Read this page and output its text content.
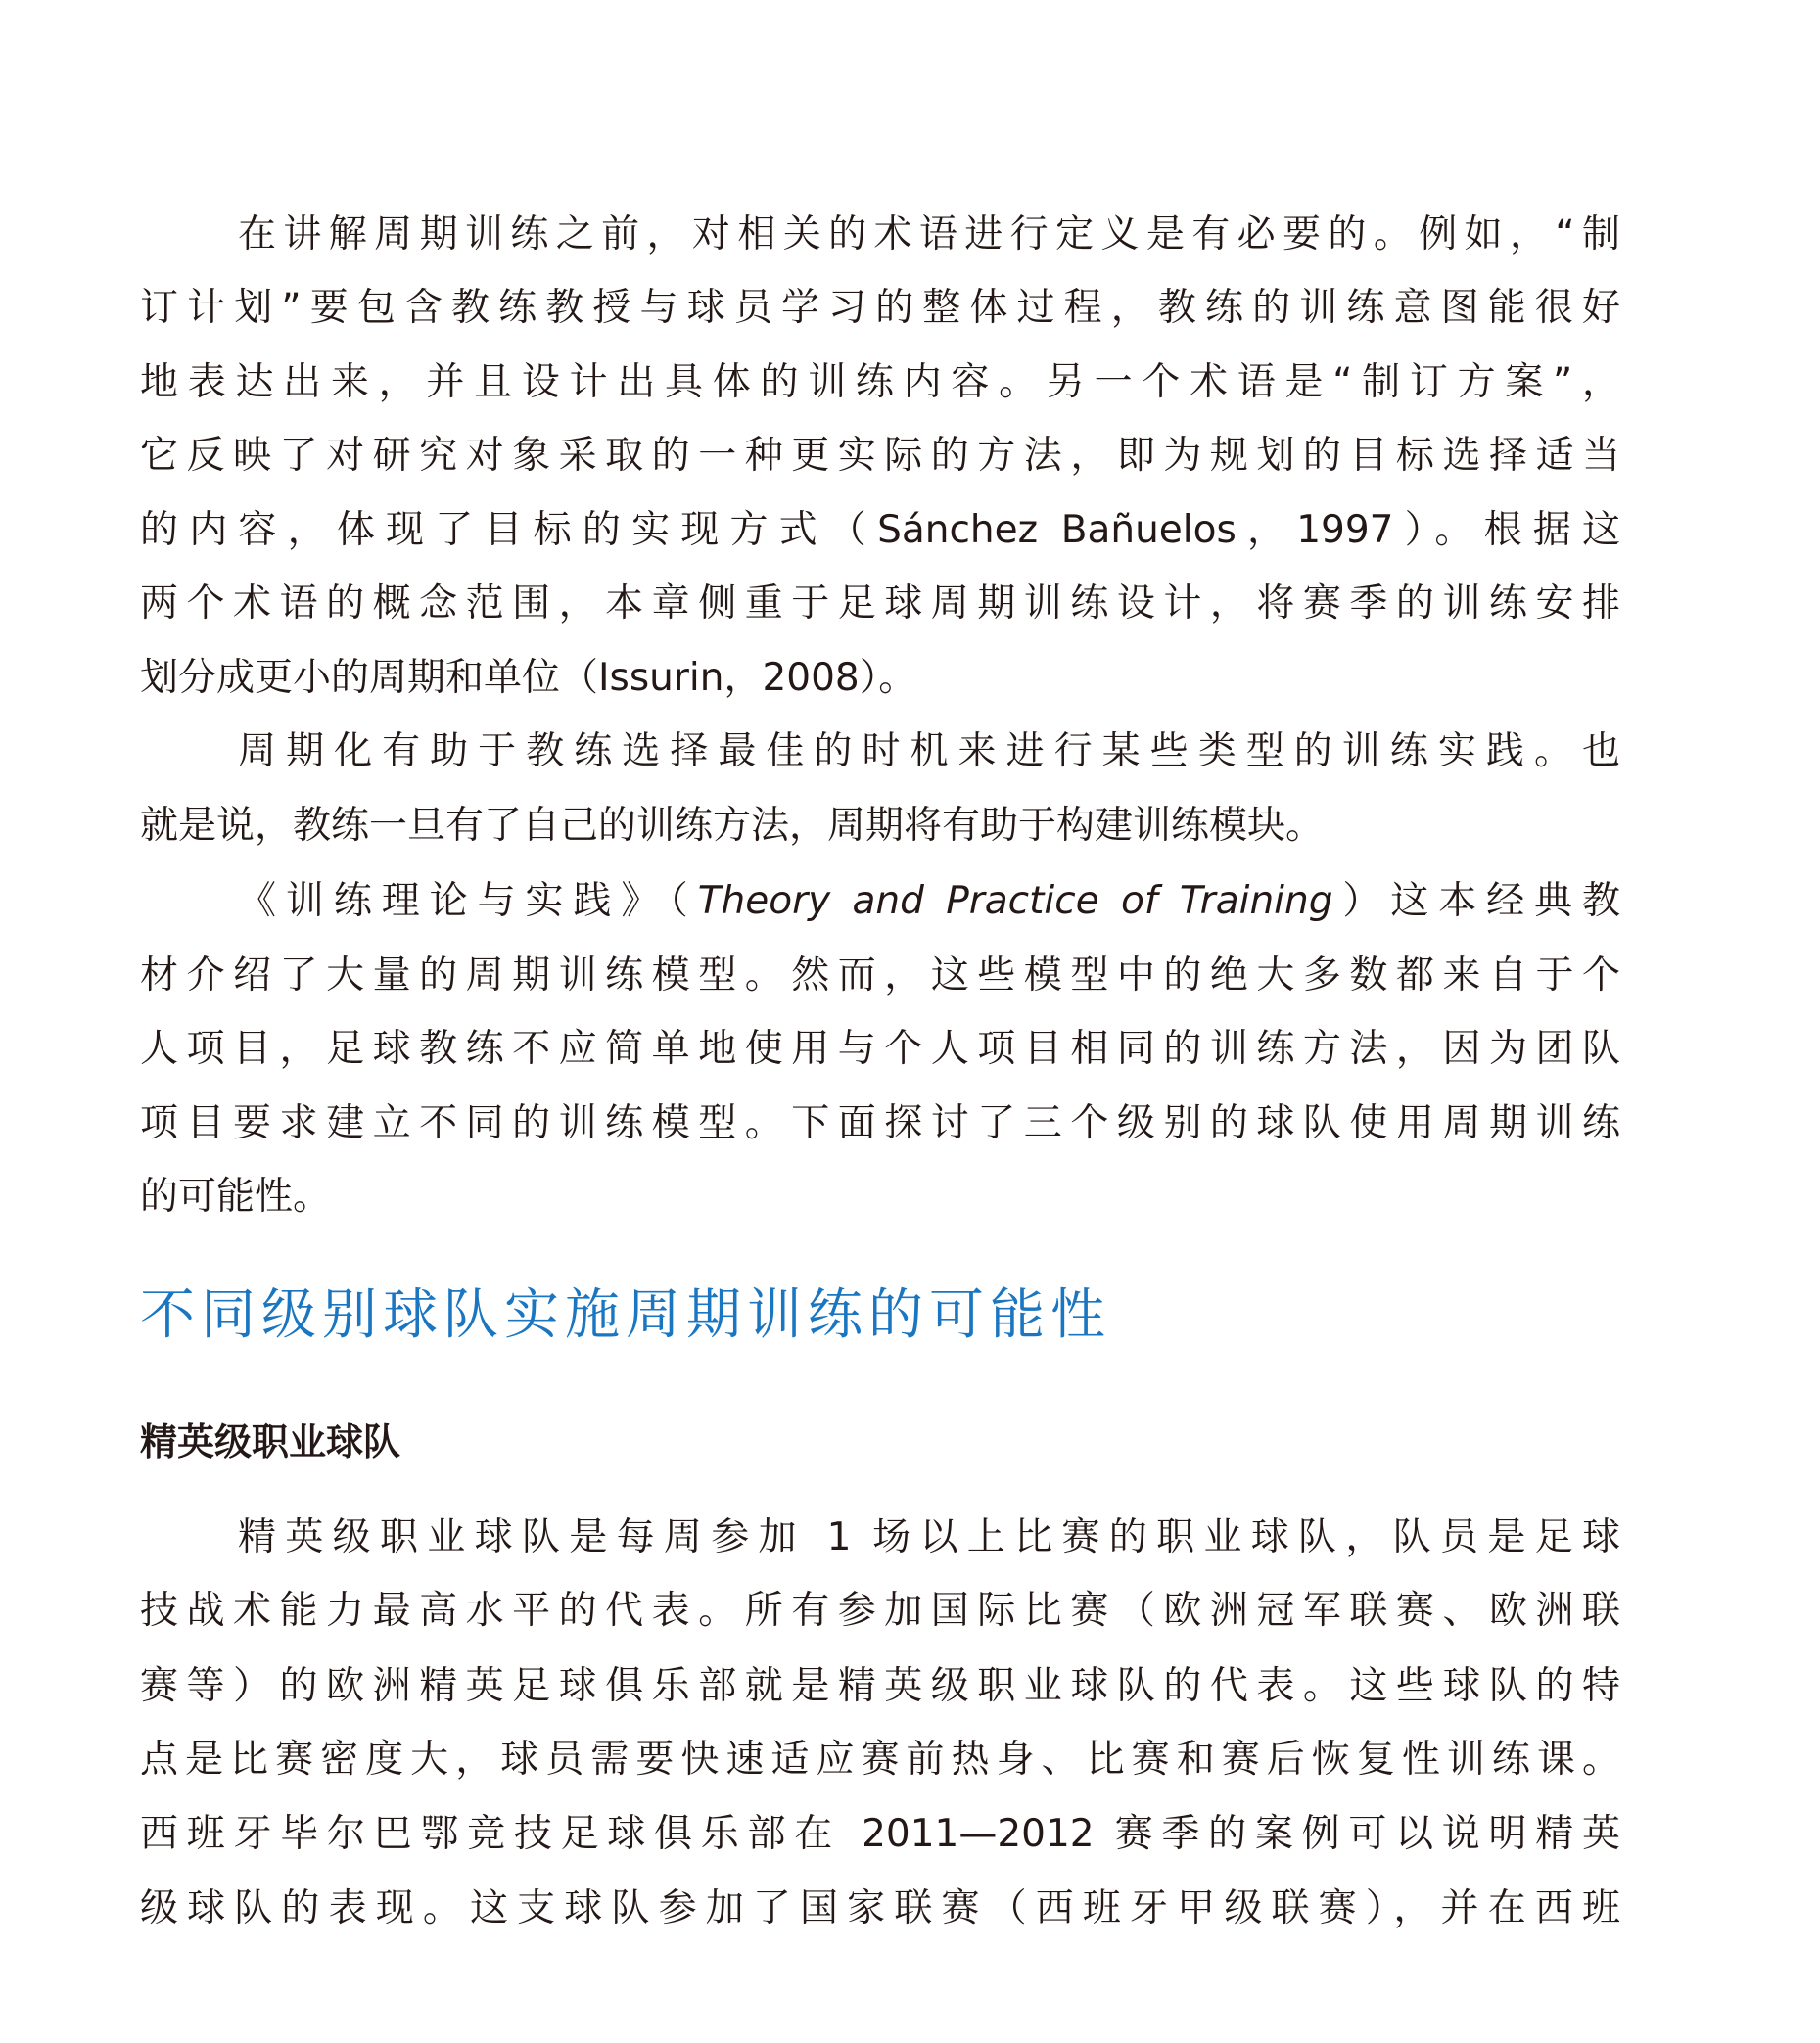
在讲解周期训练之前，对相关的术语进行定义是有必要的。例如，“制
订计划”要包含教练教授与球员学习的整体过程，教练的训练意图能很好
地表达出来，并且设计出具体的训练内容。另一个术语是“制订方案”，
它反映了对研究对象采取的一种更实际的方法，即为规划的目标选择适当
的内容，体现了目标的实现方式（Sánchez Bañuelos，1997）。根据这
两个术语的概念范围，本章侧重于足球周期训练设计，将赛季的训练安排
划分成更小的周期和单位（Issurin，2008）。
周期化有助于教练选择最佳的时机来进行某些类型的训练实践。也
就是说，教练一旦有了自己的训练方法，周期将有助于构建训练模块。
《训练理论与实践》（Theory and Practice of Training）这本经典教
材介绍了大量的周期训练模型。然而，这些模型中的绝大多数都来自于个
人项目，足球教练不应简单地使用与个人项目相同的训练方法，因为团队
项目要求建立不同的训练模型。下面探讨了三个级别的球队使用周期训练
的可能性。
不同级别球队实施周期训练的可能性
精英级职业球队
精英级职业球队是每周参加 1 场以上比赛的职业球队，队员是足球
技战术能力最高水平的代表。所有参加国际比赛（欧洲冠军联赛、欧洲联
赛等）的欧洲精英足球俱乐部就是精英级职业球队的代表。这些球队的特
点是比赛密度大，球员需要快速适应赛前热身、比赛和赛后恢复性训练课。
西班牙毕尔巴鄂竞技足球俱乐部在 2011—2012 赛季的案例可以说明精英
级球队的表现。这支球队参加了国家联赛（西班牙甲级联赛），并在西班
